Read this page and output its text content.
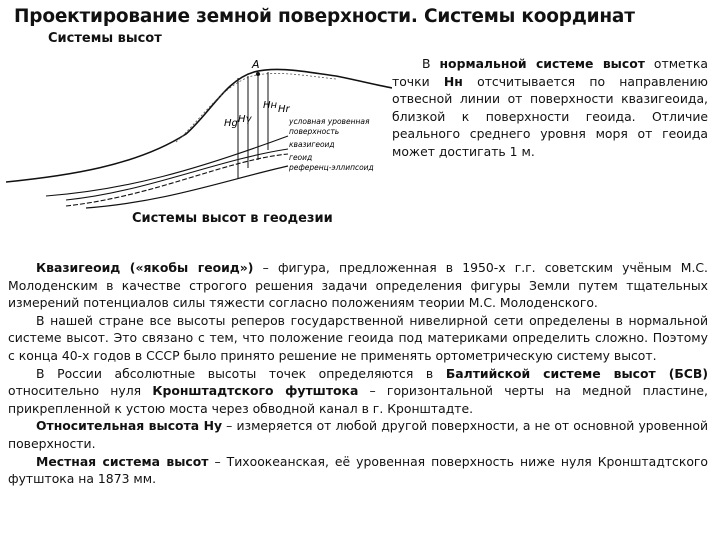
Проектирование земной поверхности. Системы координат
Системы высот
A
Hg Hγ
Hн Hr
условная уровенная
поверхность
квазигеоид
геоид
референц-эллипсоид
В нормальной системе высот отметка точки Hн отсчитывается по направлению отвесной линии от поверхности квазигеоида, близкой к поверхности геоида. Отличие реального среднего уровня моря от геоида может достигать 1 м.
Системы высот в геодезии

Квазигеоид («якобы геоид») – фигура, предложенная в 1950-х г.г. советским учёным М.С. Молоденским в качестве строгого решения задачи определения фигуры Земли путем тщательных измерений потенциалов силы тяжести согласно положениям теории М.С. Молоденского.

В нашей стране все высоты реперов государственной нивелирной сети определены в нормальной системе высот. Это связано с тем, что положение геоида под материками определить сложно. Поэтому с конца 40-х годов в СССР было принято решение не применять ортометрическую систему высот.

В России абсолютные высоты точек определяются в Балтийской системе высот (БСВ) относительно нуля Кронштадтского футштока – горизонтальной черты на медной пластине, прикрепленной к устою моста через обводной канал в г. Кронштадте.

Относительная высота Hy – измеряется от любой другой поверхности, а не от основной уровенной поверхности.

Местная система высот – Тихоокеанская, её уровенная поверхность ниже нуля Кронштадтского футштока на 1873 мм.
